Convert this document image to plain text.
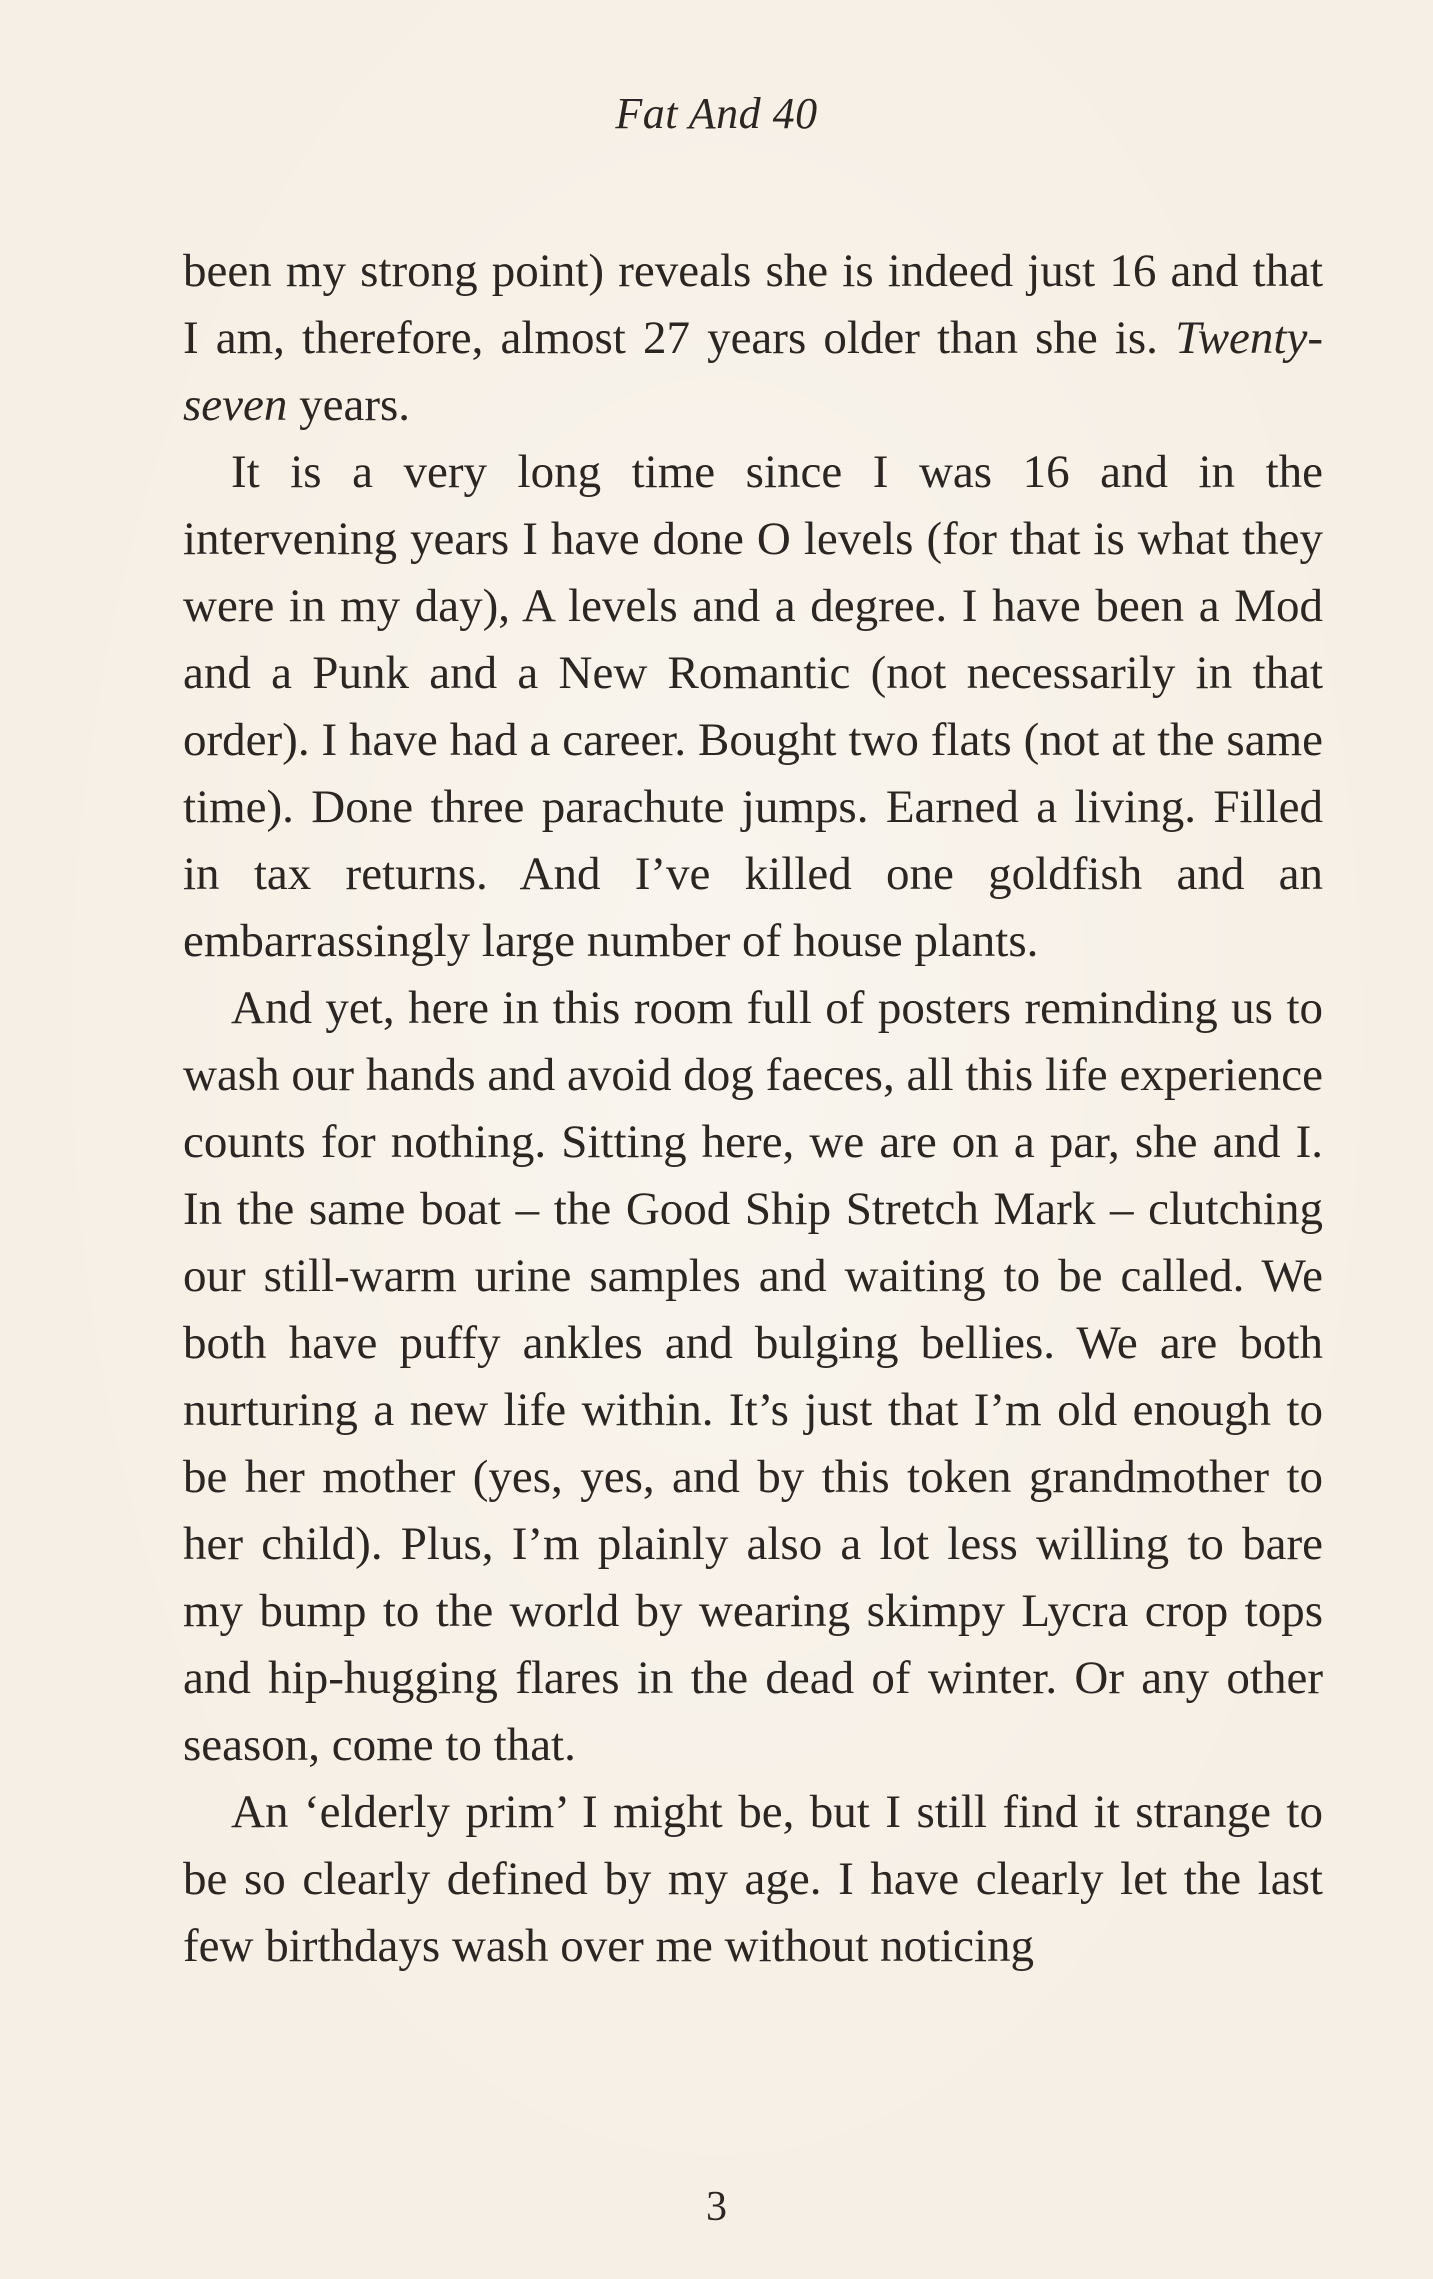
Fat And 40

been my strong point) reveals she is indeed just 16 and that I am, therefore, almost 27 years older than she is. Twenty-seven years.

It is a very long time since I was 16 and in the intervening years I have done O levels (for that is what they were in my day), A levels and a degree. I have been a Mod and a Punk and a New Romantic (not necessarily in that order). I have had a career. Bought two flats (not at the same time). Done three parachute jumps. Earned a living. Filled in tax returns. And I’ve killed one goldfish and an embarrassingly large number of house plants.

And yet, here in this room full of posters reminding us to wash our hands and avoid dog faeces, all this life experience counts for nothing. Sitting here, we are on a par, she and I. In the same boat – the Good Ship Stretch Mark – clutching our still-warm urine samples and waiting to be called. We both have puffy ankles and bulging bellies. We are both nurturing a new life within. It’s just that I’m old enough to be her mother (yes, yes, and by this token grandmother to her child). Plus, I’m plainly also a lot less willing to bare my bump to the world by wearing skimpy Lycra crop tops and hip-hugging flares in the dead of winter. Or any other season, come to that.

An ‘elderly prim’ I might be, but I still find it strange to be so clearly defined by my age. I have clearly let the last few birthdays wash over me without noticing

3
